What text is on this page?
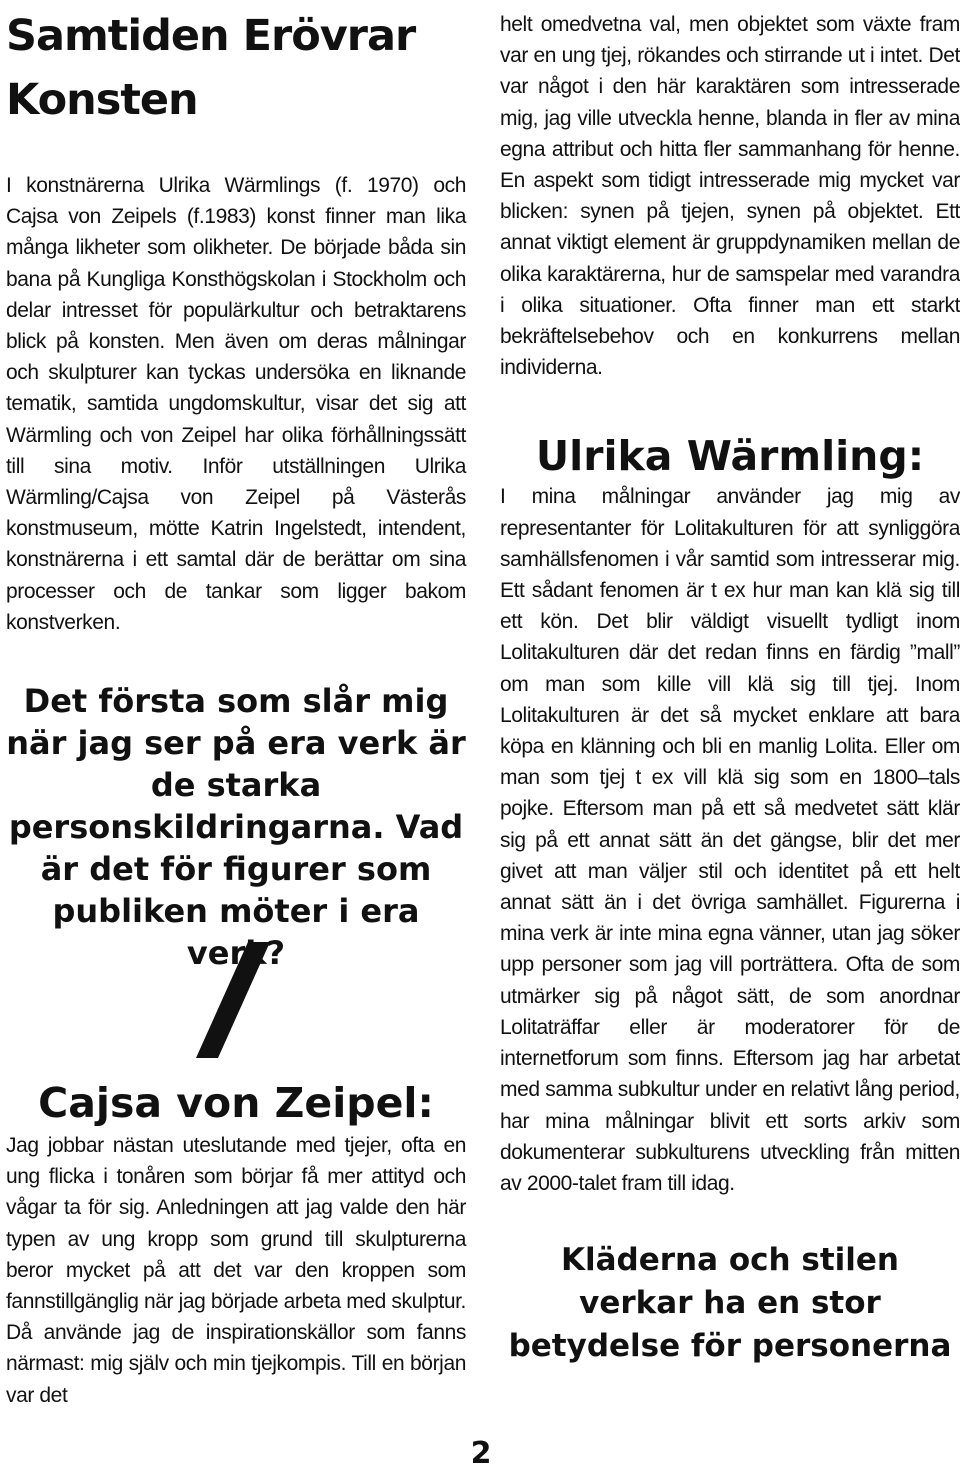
Samtiden Erövrar Konsten

I konstnärerna Ulrika Wärmlings (f. 1970) och Cajsa von Zeipels (f.1983) konst finner man lika många likheter som olikheter. De började båda sin bana på Kungliga Konsthögskolan i Stockholm och delar intresset för populärkultur och betraktarens blick på konsten. Men även om deras målningar och skulpturer kan tyckas undersöka en liknande tematik, samtida ungdomskultur, visar det sig att Wärmling och von Zeipel har olika förhållningssätt till sina motiv. Inför utställningen Ulrika Wärmling/Cajsa von Zeipel på Västerås konstmuseum, mötte Katrin Ingelstedt, intendent, konstnärerna i ett samtal där de berättar om sina processer och de tankar som ligger bakom konstverken.

Det första som slår mig när jag ser på era verk är de starka personskildringarna. Vad är det för figurer som publiken möter i era verk?

Cajsa von Zeipel:

Jag jobbar nästan uteslutande med tjejer, ofta en ung flicka i tonåren som börjar få mer attityd och vågar ta för sig. Anledningen att jag valde den här typen av ung kropp som grund till skulpturerna beror mycket på att det var den kroppen som fannstillgänglig när jag började arbeta med skulptur. Då använde jag de inspirationskällor som fanns närmast: mig själv och min tjejkompis. Till en början var det

helt omedvetna val, men objektet som växte fram var en ung tjej, rökandes och stirrande ut i intet. Det var något i den här karaktären som intresserade mig, jag ville utveckla henne, blanda in fler av mina egna attribut och hitta fler sammanhang för henne. En aspekt som tidigt intresserade mig mycket var blicken: synen på tjejen, synen på objektet. Ett annat viktigt element är gruppdynamiken mellan de olika karaktärerna, hur de samspelar med varandra i olika situationer. Ofta finner man ett starkt bekräftelsebehov och en konkurrens mellan individerna.

Ulrika Wärmling:

I mina målningar använder jag mig av representanter för Lolitakulturen för att synliggöra samhällsfenomen i vår samtid som intresserar mig. Ett sådant fenomen är t ex hur man kan klä sig till ett kön. Det blir väldigt visuellt tydligt inom Lolitakulturen där det redan finns en färdig ”mall” om man som kille vill klä sig till tjej. Inom Lolitakulturen är det så mycket enklare att bara köpa en klänning och bli en manlig Lolita. Eller om man som tjej t ex vill klä sig som en 1800–tals pojke. Eftersom man på ett så medvetet sätt klär sig på ett annat sätt än det gängse, blir det mer givet att man väljer stil och identitet på ett helt annat sätt än i det övriga samhället. Figurerna i mina verk är inte mina egna vänner, utan jag söker upp personer som jag vill porträttera. Ofta de som utmärker sig på något sätt, de som anordnar Lolitaträffar eller är moderatorer för de internetforum som finns. Eftersom jag har arbetat med samma subkultur under en relativt lång period, har mina målningar blivit ett sorts arkiv som dokumenterar subkulturens utveckling från mitten av 2000-talet fram till idag.

Kläderna och stilen verkar ha en stor betydelse för personerna

2
